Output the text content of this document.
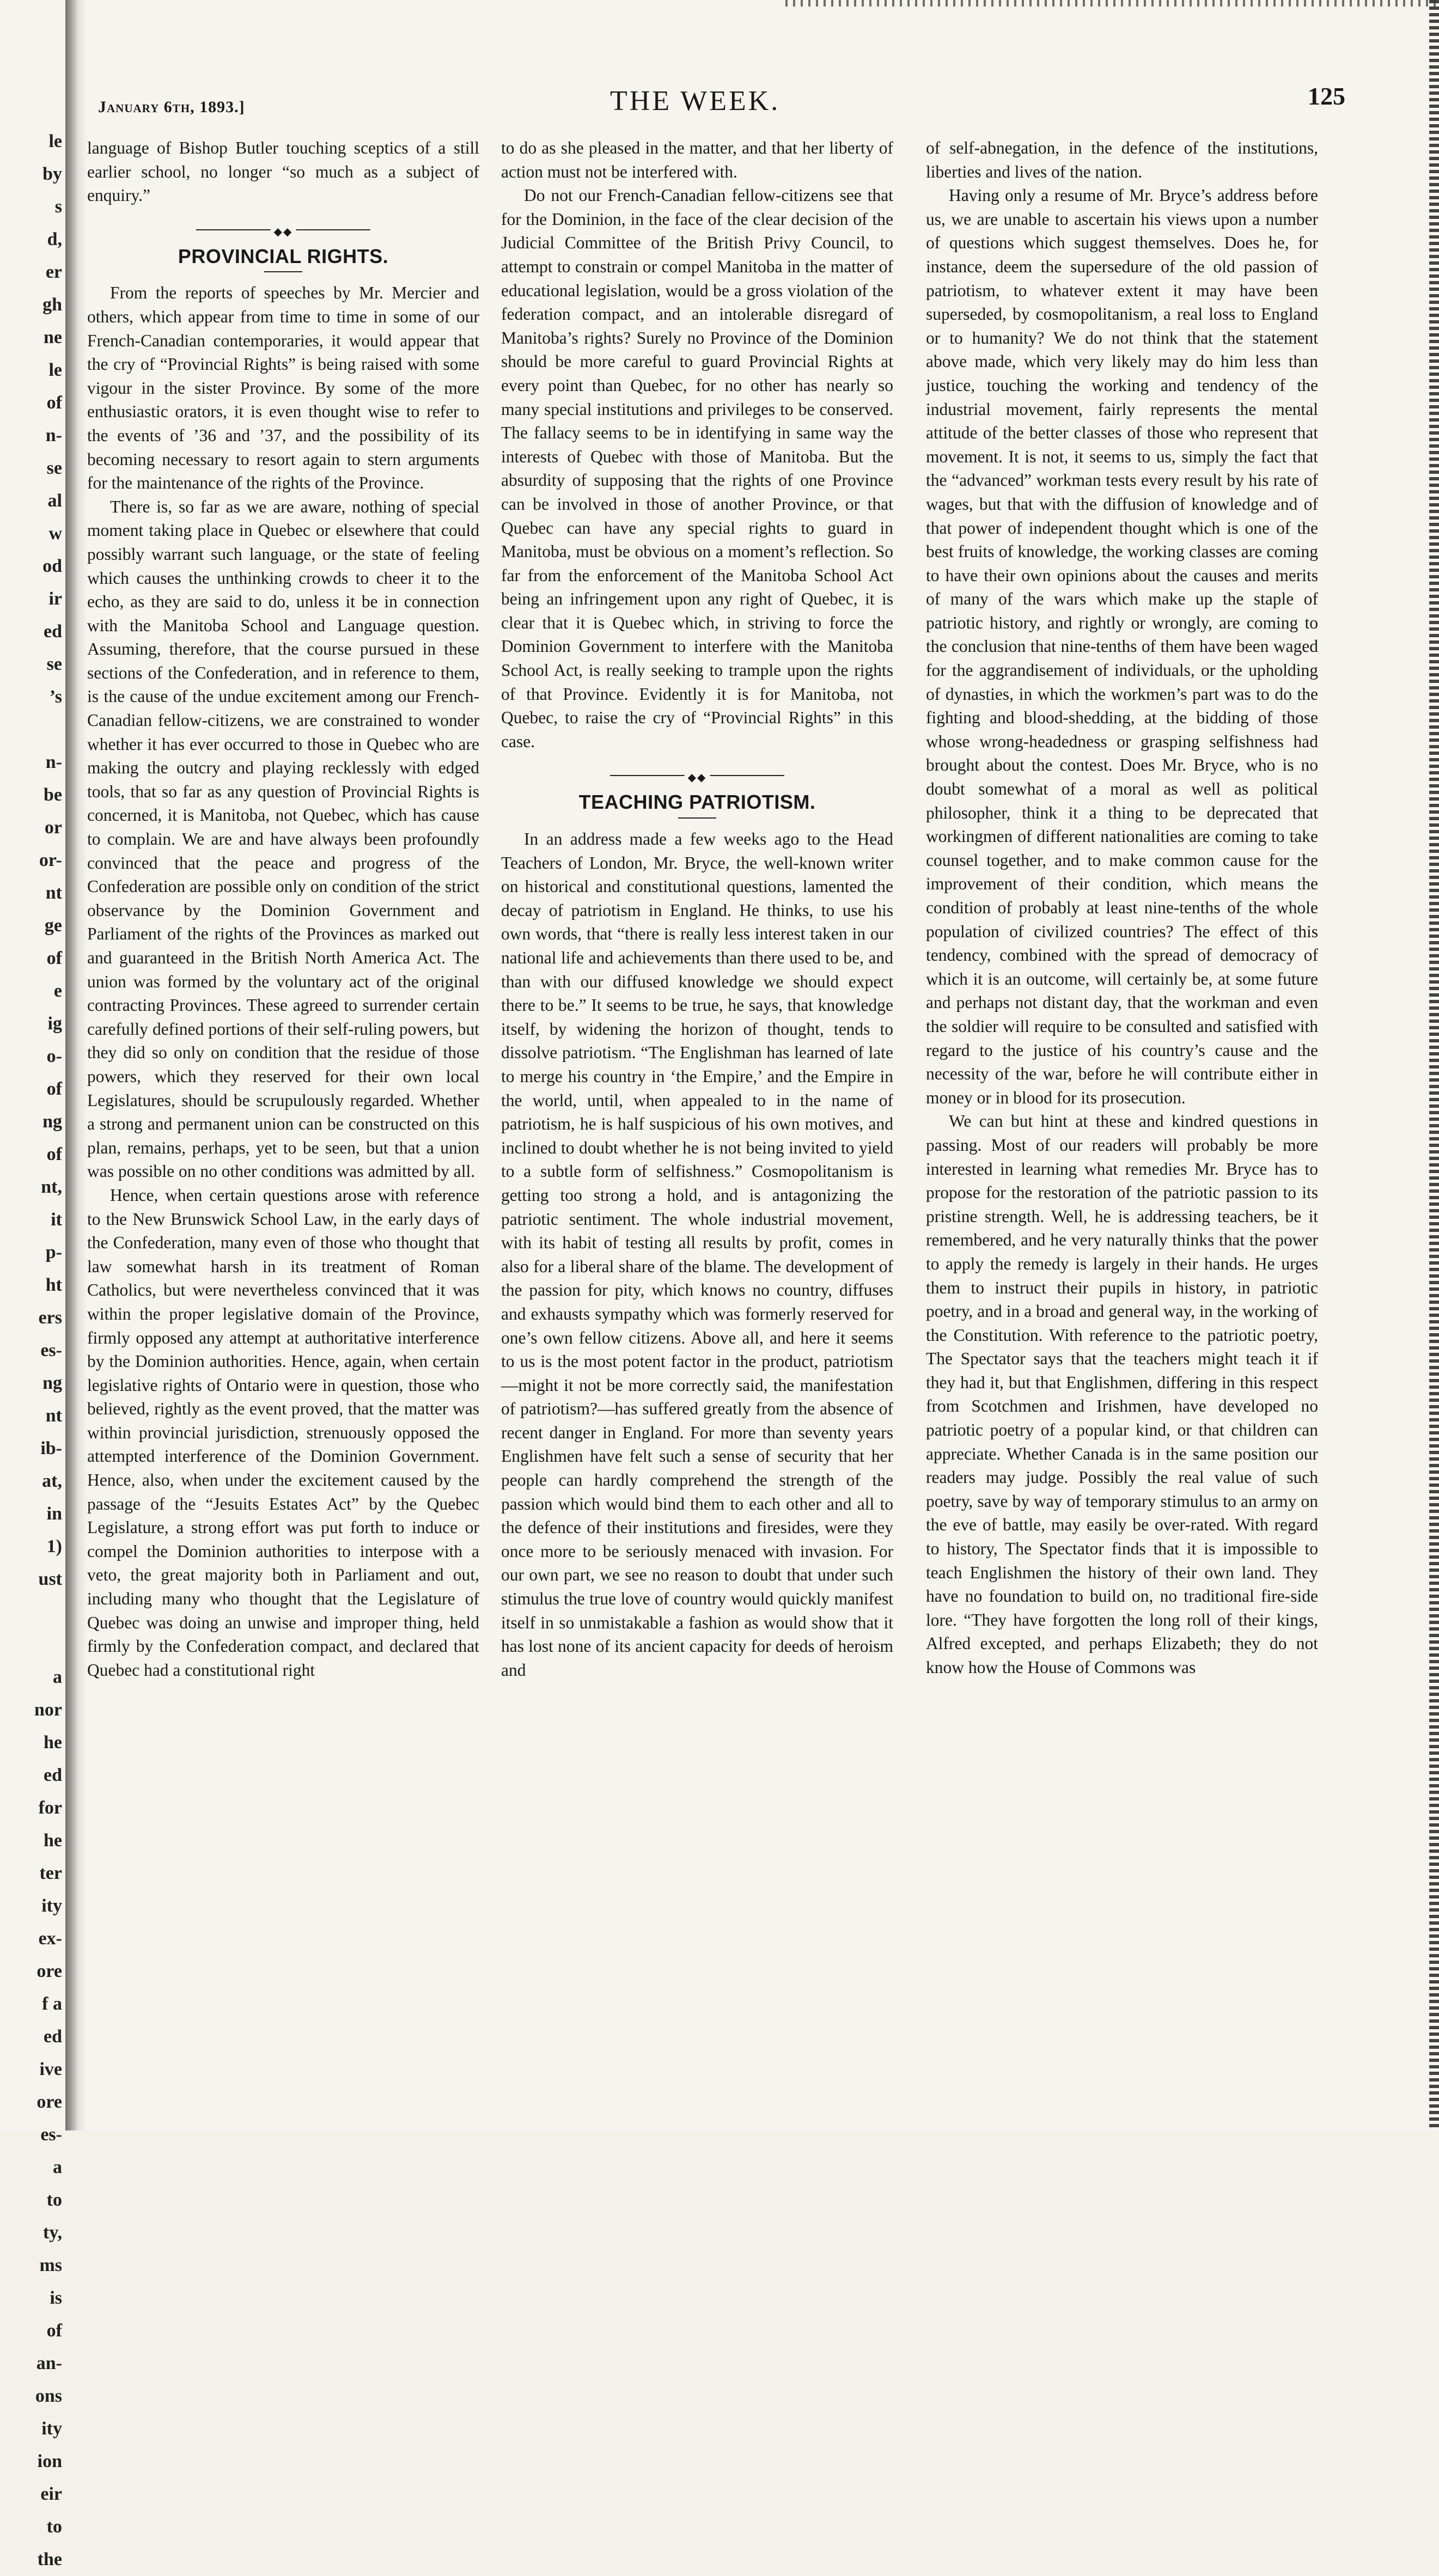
le
by
s
d,
er
gh
ne
le
of
n-
se
al
w
od
ir
ed
se
’s
n-
be
or
or-
nt
ge
of
e
ig
o-
of
ng
of
nt,
it
p-
ht
ers
es-
ng
nt
ib-
at,
in
1)
ust
a
nor
he
ed
for
he
ter
ity
ex-
ore
f a
ed
ive
ore
es-
a
to
ty,
ms
is
of
an-
ons
ity
ion
eir
to
the
January 6th, 1893.]	THE WEEK.	125

language of Bishop Butler touching sceptics of a still earlier school, no longer “so much as a subject of enquiry.”

◆◆
PROVINCIAL RIGHTS.

From the reports of speeches by Mr. Mercier and others, which appear from time to time in some of our French-Canadian contemporaries, it would appear that the cry of “Provincial Rights” is being raised with some vigour in the sister Province. By some of the more enthusiastic orators, it is even thought wise to refer to the events of ’36 and ’37, and the possibility of its becoming necessary to resort again to stern arguments for the maintenance of the rights of the Province.

There is, so far as we are aware, nothing of special moment taking place in Quebec or elsewhere that could possibly warrant such language, or the state of feeling which causes the unthinking crowds to cheer it to the echo, as they are said to do, unless it be in connection with the Manitoba School and Language question. Assuming, therefore, that the course pursued in these sections of the Confederation, and in reference to them, is the cause of the undue excitement among our French-Canadian fellow-citizens, we are constrained to wonder whether it has ever occurred to those in Quebec who are making the outcry and playing recklessly with edged tools, that so far as any question of Provincial Rights is concerned, it is Manitoba, not Quebec, which has cause to complain. We are and have always been profoundly convinced that the peace and progress of the Confederation are possible only on condition of the strict observance by the Dominion Government and Parliament of the rights of the Provinces as marked out and guaranteed in the British North America Act. The union was formed by the voluntary act of the original contracting Provinces. These agreed to surrender certain carefully defined portions of their self-ruling powers, but they did so only on condition that the residue of those powers, which they reserved for their own local Legislatures, should be scrupulously regarded. Whether a strong and permanent union can be constructed on this plan, remains, perhaps, yet to be seen, but that a union was possible on no other conditions was admitted by all.

Hence, when certain questions arose with reference to the New Brunswick School Law, in the early days of the Confederation, many even of those who thought that law somewhat harsh in its treatment of Roman Catholics, but were nevertheless convinced that it was within the proper legislative domain of the Province, firmly opposed any attempt at authoritative interference by the Dominion authorities. Hence, again, when certain legislative rights of Ontario were in question, those who believed, rightly as the event proved, that the matter was within provincial jurisdiction, strenuously opposed the attempted interference of the Dominion Government. Hence, also, when under the excitement caused by the passage of the “Jesuits Estates Act” by the Quebec Legislature, a strong effort was put forth to induce or compel the Dominion authorities to interpose with a veto, the great majority both in Parliament and out, including many who thought that the Legislature of Quebec was doing an unwise and improper thing, held firmly by the Confederation compact, and declared that Quebec had a constitutional right

to do as she pleased in the matter, and that her liberty of action must not be interfered with.

Do not our French-Canadian fellow-citizens see that for the Dominion, in the face of the clear decision of the Judicial Committee of the British Privy Council, to attempt to constrain or compel Manitoba in the matter of educational legislation, would be a gross violation of the federation compact, and an intolerable disregard of Manitoba’s rights? Surely no Province of the Dominion should be more careful to guard Provincial Rights at every point than Quebec, for no other has nearly so many special institutions and privileges to be conserved. The fallacy seems to be in identifying in same way the interests of Quebec with those of Manitoba. But the absurdity of supposing that the rights of one Province can be involved in those of another Province, or that Quebec can have any special rights to guard in Manitoba, must be obvious on a moment’s reflection. So far from the enforcement of the Manitoba School Act being an infringement upon any right of Quebec, it is clear that it is Quebec which, in striving to force the Dominion Government to interfere with the Manitoba School Act, is really seeking to trample upon the rights of that Province. Evidently it is for Manitoba, not Quebec, to raise the cry of “Provincial Rights” in this case.

◆◆
TEACHING PATRIOTISM.

In an address made a few weeks ago to the Head Teachers of London, Mr. Bryce, the well-known writer on historical and constitutional questions, lamented the decay of patriotism in England. He thinks, to use his own words, that “there is really less interest taken in our national life and achievements than there used to be, and than with our diffused knowledge we should expect there to be.” It seems to be true, he says, that knowledge itself, by widening the horizon of thought, tends to dissolve patriotism. “The Englishman has learned of late to merge his country in ‘the Empire,’ and the Empire in the world, until, when appealed to in the name of patriotism, he is half suspicious of his own motives, and inclined to doubt whether he is not being invited to yield to a subtle form of selfishness.” Cosmopolitanism is getting too strong a hold, and is antagonizing the patriotic sentiment. The whole industrial movement, with its habit of testing all results by profit, comes in also for a liberal share of the blame. The development of the passion for pity, which knows no country, diffuses and exhausts sympathy which was formerly reserved for one’s own fellow citizens. Above all, and here it seems to us is the most potent factor in the product, patriotism—might it not be more correctly said, the manifestation of patriotism?—has suffered greatly from the absence of recent danger in England. For more than seventy years Englishmen have felt such a sense of security that her people can hardly comprehend the strength of the passion which would bind them to each other and all to the defence of their institutions and firesides, were they once more to be seriously menaced with invasion. For our own part, we see no reason to doubt that under such stimulus the true love of country would quickly manifest itself in so unmistakable a fashion as would show that it has lost none of its ancient capacity for deeds of heroism and

of self-abnegation, in the defence of the institutions, liberties and lives of the nation.

Having only a resume of Mr. Bryce’s address before us, we are unable to ascertain his views upon a number of questions which suggest themselves. Does he, for instance, deem the supersedure of the old passion of patriotism, to whatever extent it may have been superseded, by cosmopolitanism, a real loss to England or to humanity? We do not think that the statement above made, which very likely may do him less than justice, touching the working and tendency of the industrial movement, fairly represents the mental attitude of the better classes of those who represent that movement. It is not, it seems to us, simply the fact that the “advanced” workman tests every result by his rate of wages, but that with the diffusion of knowledge and of that power of independent thought which is one of the best fruits of knowledge, the working classes are coming to have their own opinions about the causes and merits of many of the wars which make up the staple of patriotic history, and rightly or wrongly, are coming to the conclusion that nine-tenths of them have been waged for the aggrandisement of individuals, or the upholding of dynasties, in which the workmen’s part was to do the fighting and blood-shedding, at the bidding of those whose wrong-headedness or grasping selfishness had brought about the contest. Does Mr. Bryce, who is no doubt somewhat of a moral as well as political philosopher, think it a thing to be deprecated that workingmen of different nationalities are coming to take counsel together, and to make common cause for the improvement of their condition, which means the condition of probably at least nine-tenths of the whole population of civilized countries? The effect of this tendency, combined with the spread of democracy of which it is an outcome, will certainly be, at some future and perhaps not distant day, that the workman and even the soldier will require to be consulted and satisfied with regard to the justice of his country’s cause and the necessity of the war, before he will contribute either in money or in blood for its prosecution.

We can but hint at these and kindred questions in passing. Most of our readers will probably be more interested in learning what remedies Mr. Bryce has to propose for the restoration of the patriotic passion to its pristine strength. Well, he is addressing teachers, be it remembered, and he very naturally thinks that the power to apply the remedy is largely in their hands. He urges them to instruct their pupils in history, in patriotic poetry, and in a broad and general way, in the working of the Constitution. With reference to the patriotic poetry, The Spectator says that the teachers might teach it if they had it, but that Englishmen, differing in this respect from Scotchmen and Irishmen, have developed no patriotic poetry of a popular kind, or that children can appreciate. Whether Canada is in the same position our readers may judge. Possibly the real value of such poetry, save by way of temporary stimulus to an army on the eve of battle, may easily be over-rated. With regard to history, The Spectator finds that it is impossible to teach Englishmen the history of their own land. They have no foundation to build on, no traditional fire-side lore. “They have forgotten the long roll of their kings, Alfred excepted, and perhaps Elizabeth; they do not know how the House of Commons was
